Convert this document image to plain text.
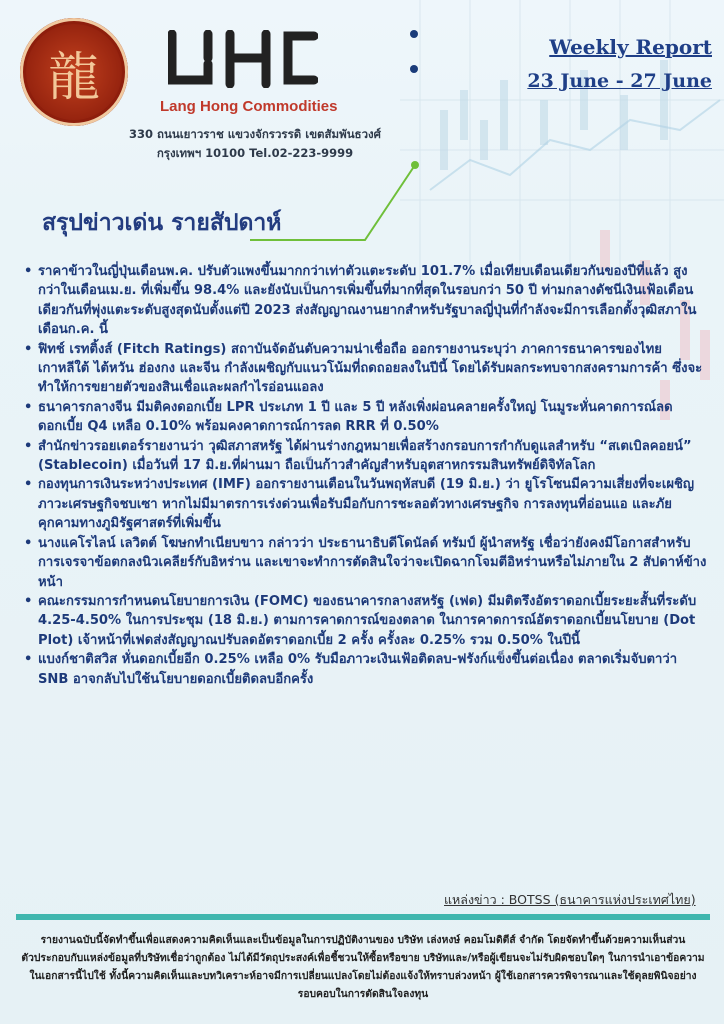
龍	Lang Hong Commodities
330 ถนนเยาวราช แขวงจักรวรรดิ เขตสัมพันธวงศ์
กรุงเทพฯ 10100 Tel.02-223-9999
Weekly Report
23 June - 27 June
สรุปข่าวเด่น รายสัปดาห์
• ราคาข้าวในญี่ปุ่นเดือนพ.ค. ปรับตัวแพงขึ้นมากกว่าเท่าตัวแตะระดับ 101.7% เมื่อเทียบเดือนเดียวกันของปีที่แล้ว สูงกว่าในเดือนเม.ย. ที่เพิ่มขึ้น 98.4% และยังนับเป็นการเพิ่มขึ้นที่มากที่สุดในรอบกว่า 50 ปี ท่ามกลางดัชนีเงินเฟ้อเดือนเดียวกันที่พุ่งแตะระดับสูงสุดนับตั้งแต่ปี 2023 ส่งสัญญาณงานยากสำหรับรัฐบาลญี่ปุ่นที่กำลังจะมีการเลือกตั้งวุฒิสภาในเดือนก.ค. นี้
• ฟิทช์ เรทติ้งส์ (Fitch Ratings) สถาบันจัดอันดับความน่าเชื่อถือ ออกรายงานระบุว่า ภาคการธนาคารของไทย เกาหลีใต้ ไต้หวัน ฮ่องกง และจีน กำลังเผชิญกับแนวโน้มที่ถดถอยลงในปีนี้ โดยได้รับผลกระทบจากสงครามการค้า ซึ่งจะทำให้การขยายตัวของสินเชื่อและผลกำไรอ่อนแอลง
• ธนาคารกลางจีน มีมติคงดอกเบี้ย LPR ประเภท 1 ปี และ 5 ปี หลังเพิ่งผ่อนคลายครั้งใหญ่ โนมูระหั่นคาดการณ์ลดดอกเบี้ย Q4 เหลือ 0.10% พร้อมคงคาดการณ์การลด RRR ที่ 0.50%
• สำนักข่าวรอยเตอร์รายงานว่า วุฒิสภาสหรัฐ ได้ผ่านร่างกฎหมายเพื่อสร้างกรอบการกำกับดูแลสำหรับ “สเตเบิลคอยน์” (Stablecoin) เมื่อวันที่ 17 มิ.ย.ที่ผ่านมา ถือเป็นก้าวสำคัญสำหรับอุตสาหกรรมสินทรัพย์ดิจิทัลโลก
• กองทุนการเงินระหว่างประเทศ (IMF) ออกรายงานเตือนในวันพฤหัสบดี (19 มิ.ย.) ว่า ยูโรโซนมีความเสี่ยงที่จะเผชิญภาวะเศรษฐกิจชบเซา หากไม่มีมาตรการเร่งด่วนเพื่อรับมือกับการชะลอตัวทางเศรษฐกิจ การลงทุนที่อ่อนแอ และภัยคุกคามทางภูมิรัฐศาสตร์ที่เพิ่มขึ้น
• นางแคโรไลน์ เลวิตต์ โฆษกทำเนียบขาว กล่าวว่า ประธานาธิบดีโดนัลด์ ทรัมป์ ผู้นำสหรัฐ เชื่อว่ายังคงมีโอกาสสำหรับการเจรจาข้อตกลงนิวเคลียร์กับอิหร่าน และเขาจะทำการตัดสินใจว่าจะเปิดฉากโจมตีอิหร่านหรือไม่ภายใน 2 สัปดาห์ข้างหน้า
• คณะกรรมการกำหนดนโยบายการเงิน (FOMC) ของธนาคารกลางสหรัฐ (เฟด) มีมติตรึงอัตราดอกเบี้ยระยะสั้นที่ระดับ 4.25-4.50% ในการประชุม (18 มิ.ย.) ตามการคาดการณ์ของตลาด ในการคาดการณ์อัตราดอกเบี้ยนโยบาย (Dot Plot) เจ้าหน้าที่เฟดส่งสัญญาณปรับลดอัตราดอกเบี้ย 2 ครั้ง ครั้งละ 0.25% รวม 0.50% ในปีนี้
• แบงก์ชาติสวิส หั่นดอกเบี้ยอีก 0.25% เหลือ 0% รับมือภาวะเงินเฟ้อติดลบ-ฟรังก์แข็งขึ้นต่อเนื่อง ตลาดเริ่มจับตาว่า SNB อาจกลับไปใช้นโยบายดอกเบี้ยติดลบอีกครั้ง
แหล่งข่าว : BOTSS (ธนาคารแห่งประเทศไทย)
รายงานฉบับนี้จัดทำขึ้นเพื่อแสดงความคิดเห็นและเป็นข้อมูลในการปฏิบัติงานของ บริษัท เล่งหงษ์ คอมโมดิตีส์ จำกัด โดยจัดทำขึ้นด้วยความเห็นส่วนตัวประกอบกับแหล่งข้อมูลที่บริษัทเชื่อว่าถูกต้อง ไม่ได้มีวัตถุประสงค์เพื่อชี้ชวนให้ซื้อหรือขาย บริษัทและ/หรือผู้เขียนจะไม่รับผิดชอบใดๆ ในการนำเอาข้อความในเอกสารนี้ไปใช้ ทั้งนี้ความคิดเห็นและบทวิเคราะห์อาจมีการเปลี่ยนแปลงโดยไม่ต้องแจ้งให้ทราบล่วงหน้า ผู้ใช้เอกสารควรพิจารณาและใช้ดุลยพินิจอย่างรอบคอบในการตัดสินใจลงทุน
